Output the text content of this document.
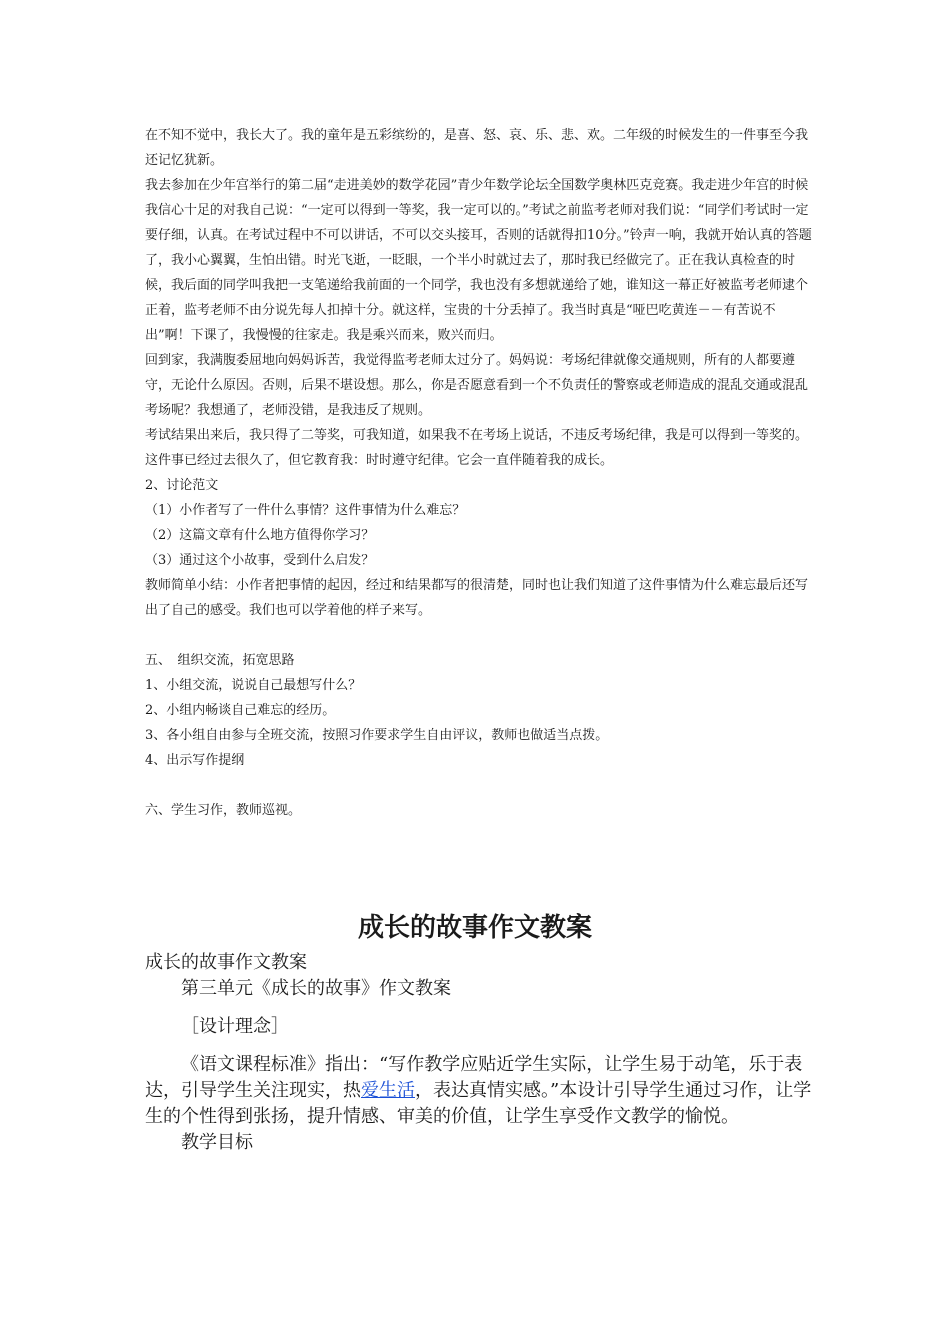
在不知不觉中，我长大了。我的童年是五彩缤纷的，是喜、怒、哀、乐、悲、欢。二年级的时候发生的一件事至今我还记忆犹新。

我去参加在少年宫举行的第二届“走进美妙的数学花园”青少年数学论坛全国数学奥林匹克竞赛。我走进少年宫的时候我信心十足的对我自己说：“一定可以得到一等奖，我一定可以的。”考试之前监考老师对我们说：“同学们考试时一定要仔细，认真。在考试过程中不可以讲话，不可以交头接耳，否则的话就得扣10分。”铃声一响，我就开始认真的答题了，我小心翼翼，生怕出错。时光飞逝，一眨眼，一个半小时就过去了，那时我已经做完了。正在我认真检查的时候，我后面的同学叫我把一支笔递给我前面的一个同学，我也没有多想就递给了她，谁知这一幕正好被监考老师逮个正着，监考老师不由分说先每人扣掉十分。就这样，宝贵的十分丢掉了。我当时真是“哑巴吃黄连－－有苦说不出”啊！下课了，我慢慢的往家走。我是乘兴而来，败兴而归。

回到家，我满腹委屈地向妈妈诉苦，我觉得监考老师太过分了。妈妈说：考场纪律就像交通规则，所有的人都要遵守，无论什么原因。否则，后果不堪设想。那么，你是否愿意看到一个不负责任的警察或老师造成的混乱交通或混乱考场呢？我想通了，老师没错，是我违反了规则。

考试结果出来后，我只得了二等奖，可我知道，如果我不在考场上说话，不违反考场纪律，我是可以得到一等奖的。

这件事已经过去很久了，但它教育我：时时遵守纪律。它会一直伴随着我的成长。

2、讨论范文

（1）小作者写了一件什么事情？这件事情为什么难忘？

（2）这篇文章有什么地方值得你学习？

（3）通过这个小故事，受到什么启发？

教师简单小结：小作者把事情的起因，经过和结果都写的很清楚，同时也让我们知道了这件事情为什么难忘最后还写出了自己的感受。我们也可以学着他的样子来写。

五、　组织交流，拓宽思路

1、小组交流，说说自己最想写什么？

2、小组内畅谈自己难忘的经历。

3、各小组自由参与全班交流，按照习作要求学生自由评议，教师也做适当点拨。

4、出示写作提纲

六、学生习作，教师巡视。

成长的故事作文教案

成长的故事作文教案

第三单元《成长的故事》作文教案

［设计理念］

《语文课程标准》指出：“写作教学应贴近学生实际，让学生易于动笔，乐于表达，引导学生关注现实，热爱生活，表达真情实感。”本设计引导学生通过习作，让学生的个性得到张扬，提升情感、审美的价值，让学生享受作文教学的愉悦。

教学目标
